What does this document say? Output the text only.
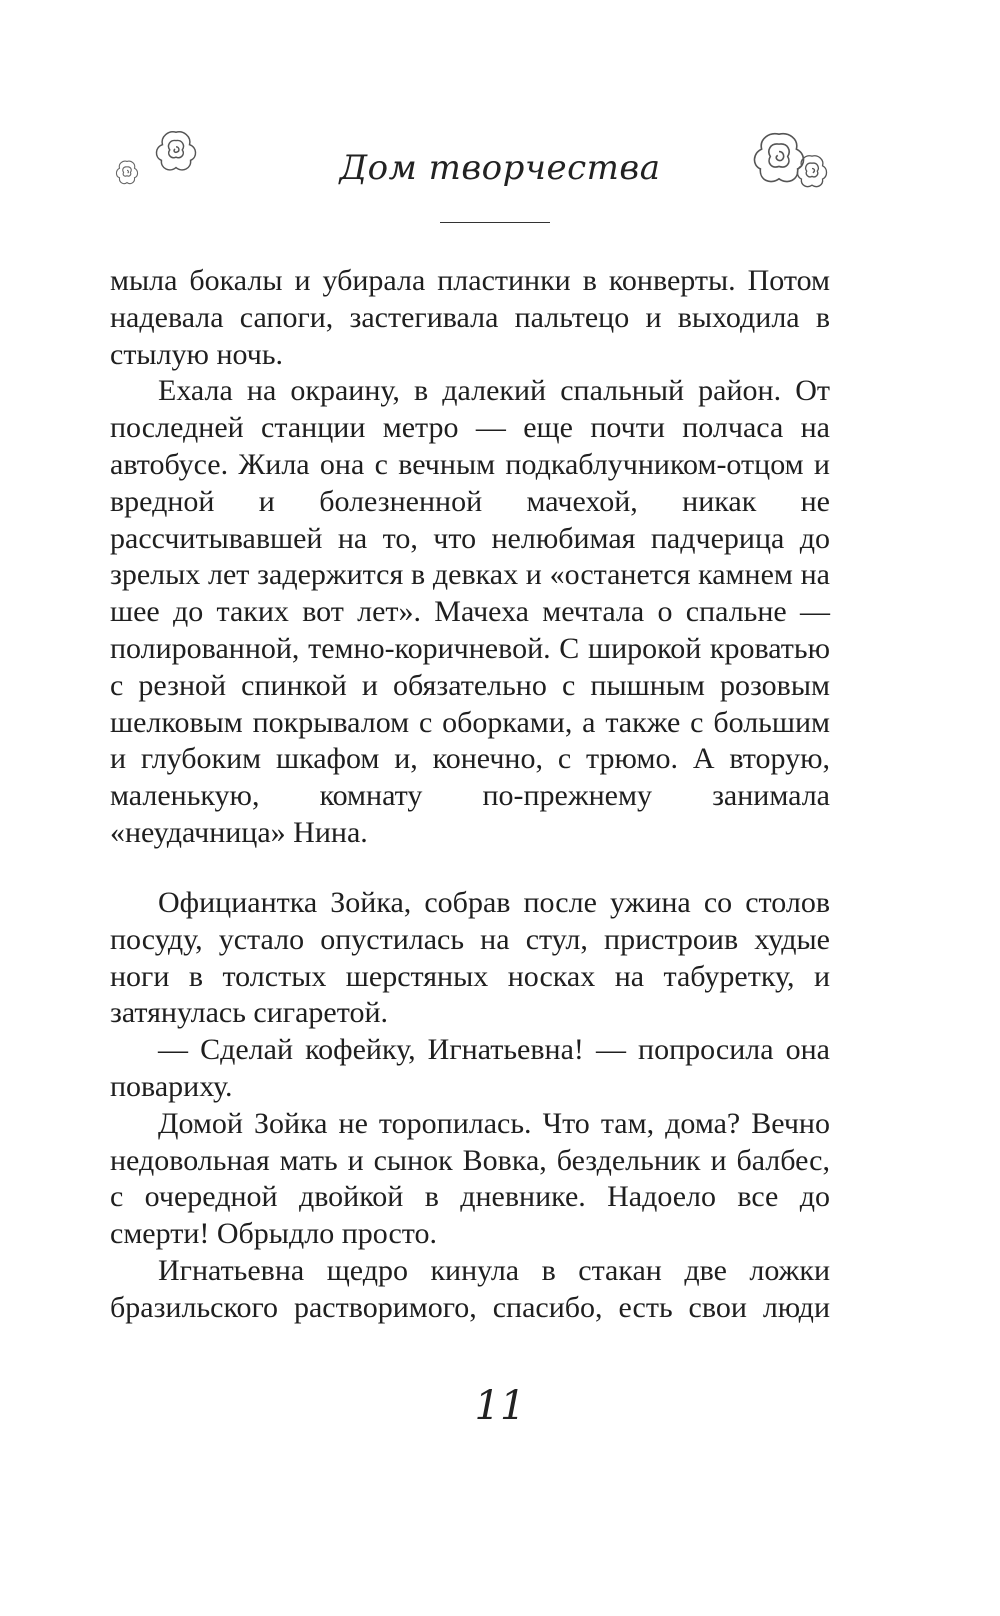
Дом творчества

мыла бокалы и убирала пластинки в конверты. Потом надевала сапоги, застегивала пальтецо и выходила в стылую ночь.

Ехала на окраину, в далекий спальный район. От последней станции метро — еще почти полчаса на автобусе. Жила она с вечным подкаблучником-отцом и вредной и болезненной мачехой, никак не рассчитывавшей на то, что нелюбимая падчерица до зрелых лет задержится в девках и «останется камнем на шее до таких вот лет». Мачеха мечтала о спальне — полированной, темно-коричневой. С широкой кроватью с резной спинкой и обязательно с пышным розовым шелковым покрывалом с оборками, а также с большим и глубоким шкафом и, конечно, с трюмо. А вторую, маленькую, комнату по-прежнему занимала «неудачница» Нина.

Официантка Зойка, собрав после ужина со столов посуду, устало опустилась на стул, пристроив худые ноги в толстых шерстяных носках на табуретку, и затянулась сигаретой.

— Сделай кофейку, Игнатьевна! — попросила она повариху.

Домой Зойка не торопилась. Что там, дома? Вечно недовольная мать и сынок Вовка, бездельник и балбес, с очередной двойкой в дневнике. Надоело все до смерти! Обрыдло просто.

Игнатьевна щедро кинула в стакан две ложки бразильского растворимого, спасибо, есть свои люди

11
